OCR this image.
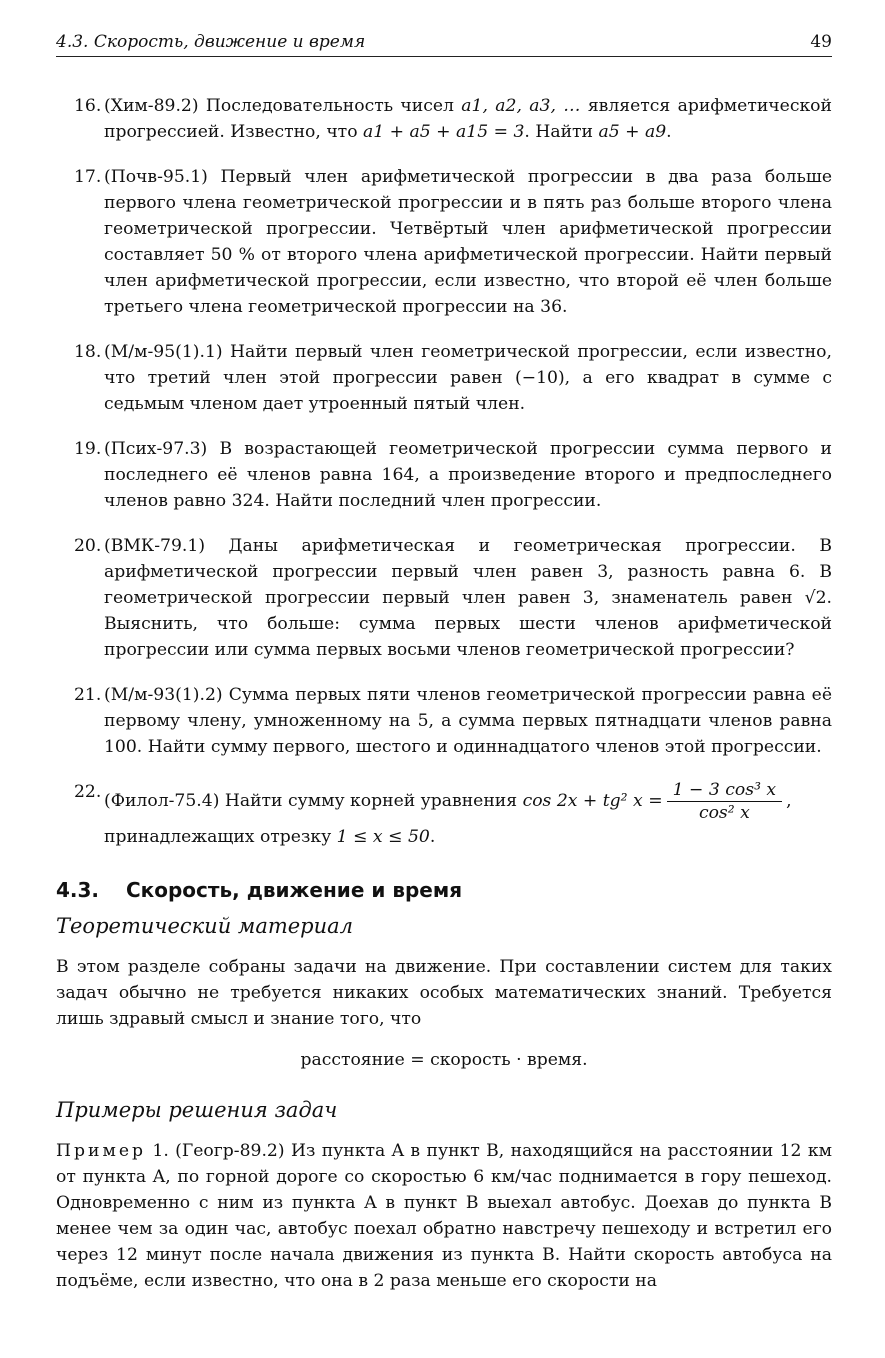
4.3. Скорость, движение и время	49
16. (Хим-89.2) Последовательность чисел a1, a2, a3, … является арифметической прогрессией. Известно, что a1 + a5 + a15 = 3. Найти a5 + a9.
17. (Почв-95.1) Первый член арифметической прогрессии в два раза больше первого члена геометрической прогрессии и в пять раз больше второго члена геометрической прогрессии. Четвёртый член арифметической прогрессии составляет 50 % от второго члена арифметической прогрессии. Найти первый член арифметической прогрессии, если известно, что второй её член больше третьего члена геометрической прогрессии на 36.
18. (М/м-95(1).1) Найти первый член геометрической прогрессии, если известно, что третий член этой прогрессии равен (−10), а его квадрат в сумме с седьмым членом дает утроенный пятый член.
19. (Псих-97.3) В возрастающей геометрической прогрессии сумма первого и последнего её членов равна 164, а произведение второго и предпоследнего членов равно 324. Найти последний член прогрессии.
20. (ВМК-79.1) Даны арифметическая и геометрическая прогрессии. В арифметической прогрессии первый член равен 3, разность равна 6. В геометрической прогрессии первый член равен 3, знаменатель равен √2. Выяснить, что больше: сумма первых шести членов арифметической прогрессии или сумма первых восьми членов геометрической прогрессии?
21. (М/м-93(1).2) Сумма первых пяти членов геометрической прогрессии равна её первому члену, умноженному на 5, а сумма первых пятнадцати членов равна 100. Найти сумму первого, шестого и одиннадцатого членов этой прогрессии.
22. (Филол-75.4) Найти сумму корней уравнения cos 2x + tg² $x = \frac{\text{1 − 3 cos³ x}}{\text{cos² x}}$ ,
принадлежащих отрезку 1 ≤ x ≤ 50.
4.3. Скорость, движение и время
Теоретический материал
В этом разделе собраны задачи на движение. При составлении систем для таких задач обычно не требуется никаких особых математических знаний. Требуется лишь здравый смысл и знание того, что
расстояние = скорость · время.
Примеры решения задач
Пример 1. (Геогр-89.2) Из пункта A в пункт B, находящийся на расстоянии 12 км от пункта A, по горной дороге со скоростью 6 км/час поднимается в гору пешеход. Одновременно с ним из пункта A в пункт B выехал автобус. Доехав до пункта B менее чем за один час, автобус поехал обратно навстречу пешеходу и встретил его через 12 минут после начала движения из пункта B. Найти скорость автобуса на подъёме, если известно, что она в 2 раза меньше его скорости на
